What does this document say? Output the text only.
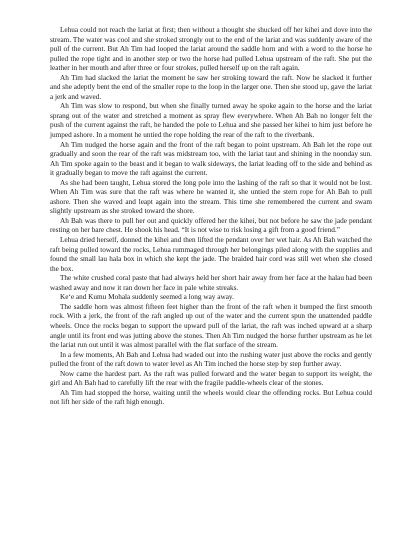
Lehua could not reach the lariat at first; then without a thought she shucked off her kihei and dove into the stream. The water was cool and she stroked strongly out to the end of the lariat and was suddenly aware of the pull of the current. But Ah Tim had looped the lariat around the saddle horn and with a word to the horse he pulled the rope tight and in another step or two the horse had pulled Lehua upstream of the raft. She put the leather in her mouth and after three or four strokes, pulled herself up on the raft again.

Ah Tim had slacked the lariat the moment he saw her stroking toward the raft. Now he slacked it further and she adeptly bent the end of the smaller rope to the loop in the larger one. Then she stood up, gave the lariat a jerk and waved.

Ah Tim was slow to respond, but when she finally turned away he spoke again to the horse and the lariat sprang out of the water and stretched a moment as spray flew everywhere. When Ah Bah no longer felt the push of the current against the raft, he handed the pole to Lehua and she passed her kihei to him just before he jumped ashore. In a moment he untied the rope holding the rear of the raft to the riverbank.

Ah Tim nudged the horse again and the front of the raft began to point upstream. Ah Bah let the rope out gradually and soon the rear of the raft was midstream too, with the lariat taut and shining in the noonday sun. Ah Tim spoke again to the beast and it began to walk sideways, the lariat leading off to the side and behind as it gradually began to move the raft against the current.

As she had been taught, Lehua stored the long pole into the lashing of the raft so that it would not be lost. When Ah Tim was sure that the raft was where he wanted it, she untied the stern rope for Ah Bah to pull ashore. Then she waved and leapt again into the stream. This time she remembered the current and swam slightly upstream as she stroked toward the shore.

Ah Bah was there to pull her out and quickly offered her the kihei, but not before he saw the jade pendant resting on her bare chest. He shook his head. “It is not wise to risk losing a gift from a good friend.”

Lehua dried herself, donned the kihei and then lifted the pendant over her wet hair. As Ah Bah watched the raft being pulled toward the rocks, Lehua rummaged through her belongings piled along with the supplies and found the small lau hala box in which she kept the jade. The braided hair cord was still wet when she closed the box.

The white crushed coral paste that had always held her short hair away from her face at the halau had been washed away and now it ran down her face in pale white streaks.

Ke‘e and Kumu Mohala suddenly seemed a long way away.

The saddle horn was almost fifteen feet higher than the front of the raft when it bumped the first smooth rock. With a jerk, the front of the raft angled up out of the water and the current spun the unattended paddle wheels. Once the rocks began to support the upward pull of the lariat, the raft was inched upward at a sharp angle until its front end was jutting above the stones. Then Ah Tim nudged the horse further upstream as he let the lariat run out until it was almost parallel with the flat surface of the stream.

In a few moments, Ah Bah and Lehua had waded out into the rushing water just above the rocks and gently pulled the front of the raft down to water level as Ah Tim inched the horse step by step further away.

Now came the hardest part. As the raft was pulled forward and the water began to support its weight, the girl and Ah Bah had to carefully lift the rear with the fragile paddle-wheels clear of the stones.

Ah Tim had stopped the horse, waiting until the wheels would clear the offending rocks. But Lehua could not lift her side of the raft high enough.
